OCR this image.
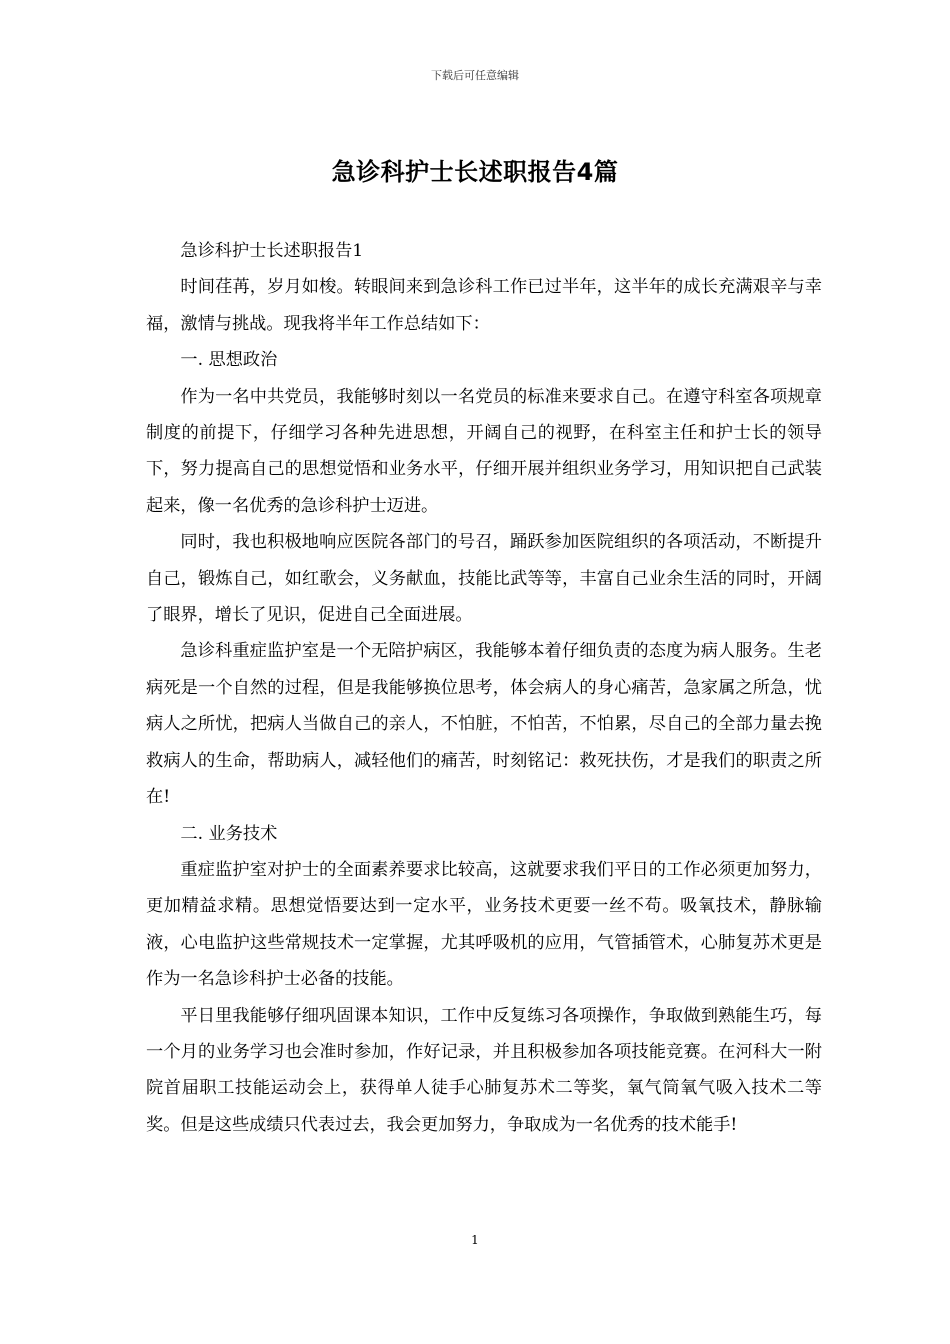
下载后可任意编辑
急诊科护士长述职报告4篇

急诊科护士长述职报告1

时间荏苒，岁月如梭。转眼间来到急诊科工作已过半年，这半年的成长充满艰辛与幸福，激情与挑战。现我将半年工作总结如下：

一. 思想政治

作为一名中共党员，我能够时刻以一名党员的标准来要求自己。在遵守科室各项规章制度的前提下，仔细学习各种先进思想，开阔自己的视野，在科室主任和护士长的领导下，努力提高自己的思想觉悟和业务水平，仔细开展并组织业务学习，用知识把自己武装起来，像一名优秀的急诊科护士迈进。

同时，我也积极地响应医院各部门的号召，踊跃参加医院组织的各项活动，不断提升自己，锻炼自己，如红歌会，义务献血，技能比武等等，丰富自己业余生活的同时，开阔了眼界，增长了见识，促进自己全面进展。

急诊科重症监护室是一个无陪护病区，我能够本着仔细负责的态度为病人服务。生老病死是一个自然的过程，但是我能够换位思考，体会病人的身心痛苦，急家属之所急，忧病人之所忧，把病人当做自己的亲人，不怕脏，不怕苦，不怕累，尽自己的全部力量去挽救病人的生命，帮助病人，减轻他们的痛苦，时刻铭记：救死扶伤，才是我们的职责之所在!

二. 业务技术

重症监护室对护士的全面素养要求比较高，这就要求我们平日的工作必须更加努力，更加精益求精。思想觉悟要达到一定水平，业务技术更要一丝不苟。吸氧技术，静脉输液，心电监护这些常规技术一定掌握，尤其呼吸机的应用，气管插管术，心肺复苏术更是作为一名急诊科护士必备的技能。

平日里我能够仔细巩固课本知识，工作中反复练习各项操作，争取做到熟能生巧，每一个月的业务学习也会准时参加，作好记录，并且积极参加各项技能竞赛。在河科大一附院首届职工技能运动会上，获得单人徒手心肺复苏术二等奖，氧气筒氧气吸入技术二等奖。但是这些成绩只代表过去，我会更加努力，争取成为一名优秀的技术能手!

1
